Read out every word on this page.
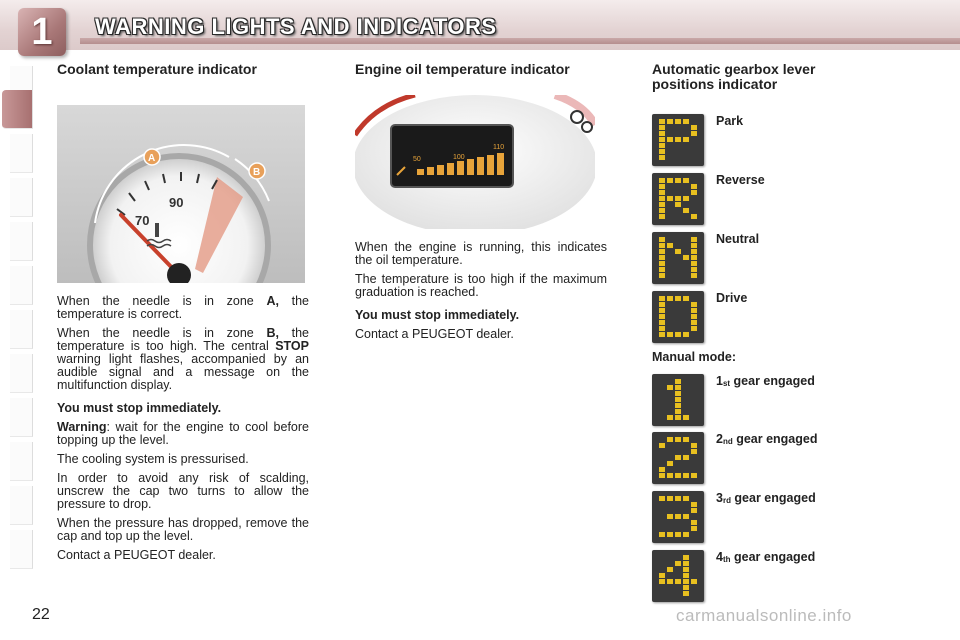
1	WARNING LIGHTS AND INDICATORS
Coolant temperature indicator
70
90
A
B

When the needle is in zone A, the temperature is correct.

When the needle is in zone B, the temperature is too high. The central STOP warning light flashes, accompanied by an audible signal and a message on the multifunction display.

You must stop immediately.

Warning: wait for the engine to cool before topping up the level.

The cooling system is pressurised.

In order to avoid any risk of scalding, unscrew the cap two turns to allow the pressure to drop.

When the pressure has dropped, remove the cap and top up the level.

Contact a PEUGEOT dealer.

Engine oil temperature indicator
50	100
110

When the engine is running, this indicates the oil temperature.

The temperature is too high if the maximum graduation is reached.

You must stop immediately.

Contact a PEUGEOT dealer.

Automatic gearbox lever positions indicator
Park
Reverse
Neutral
Drive
Manual mode:
1st gear engaged
2nd gear engaged
3rd gear engaged
4th gear engaged
22	carmanualsonline.info
